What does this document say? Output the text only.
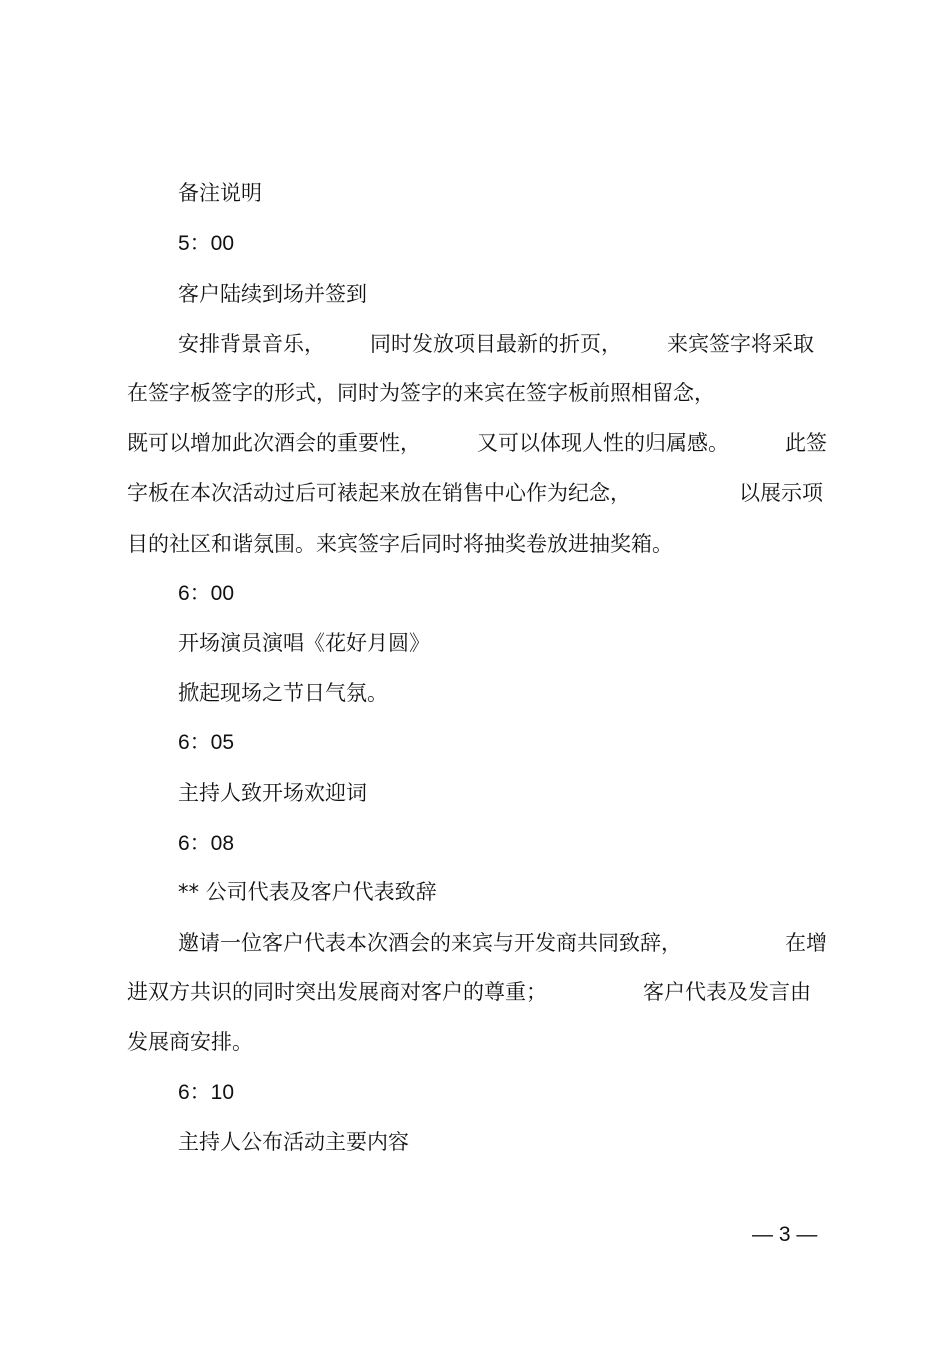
备注说明
5：00
客户陆续到场并签到
安排背景音乐， 同时发放项目最新的折页， 来宾签字将采取
在签字板签字的形式，同时为签字的来宾在签字板前照相留念，
既可以增加此次酒会的重要性，	又可以体现人性的归属感。	此签
字板在本次活动过后可裱起来放在销售中心作为纪念，	以展示项
目的社区和谐氛围。来宾签字后同时将抽奖卷放进抽奖箱。
6：00
开场演员演唱《花好月圆》
掀起现场之节日气氛。
6：05
主持人致开场欢迎词
6：08
** 公司代表及客户代表致辞
邀请一位客户代表本次酒会的来宾与开发商共同致辞，	在增
进双方共识的同时突出发展商对客户的尊重；	客户代表及发言由
发展商安排。
6：10
主持人公布活动主要内容
— 3 —
